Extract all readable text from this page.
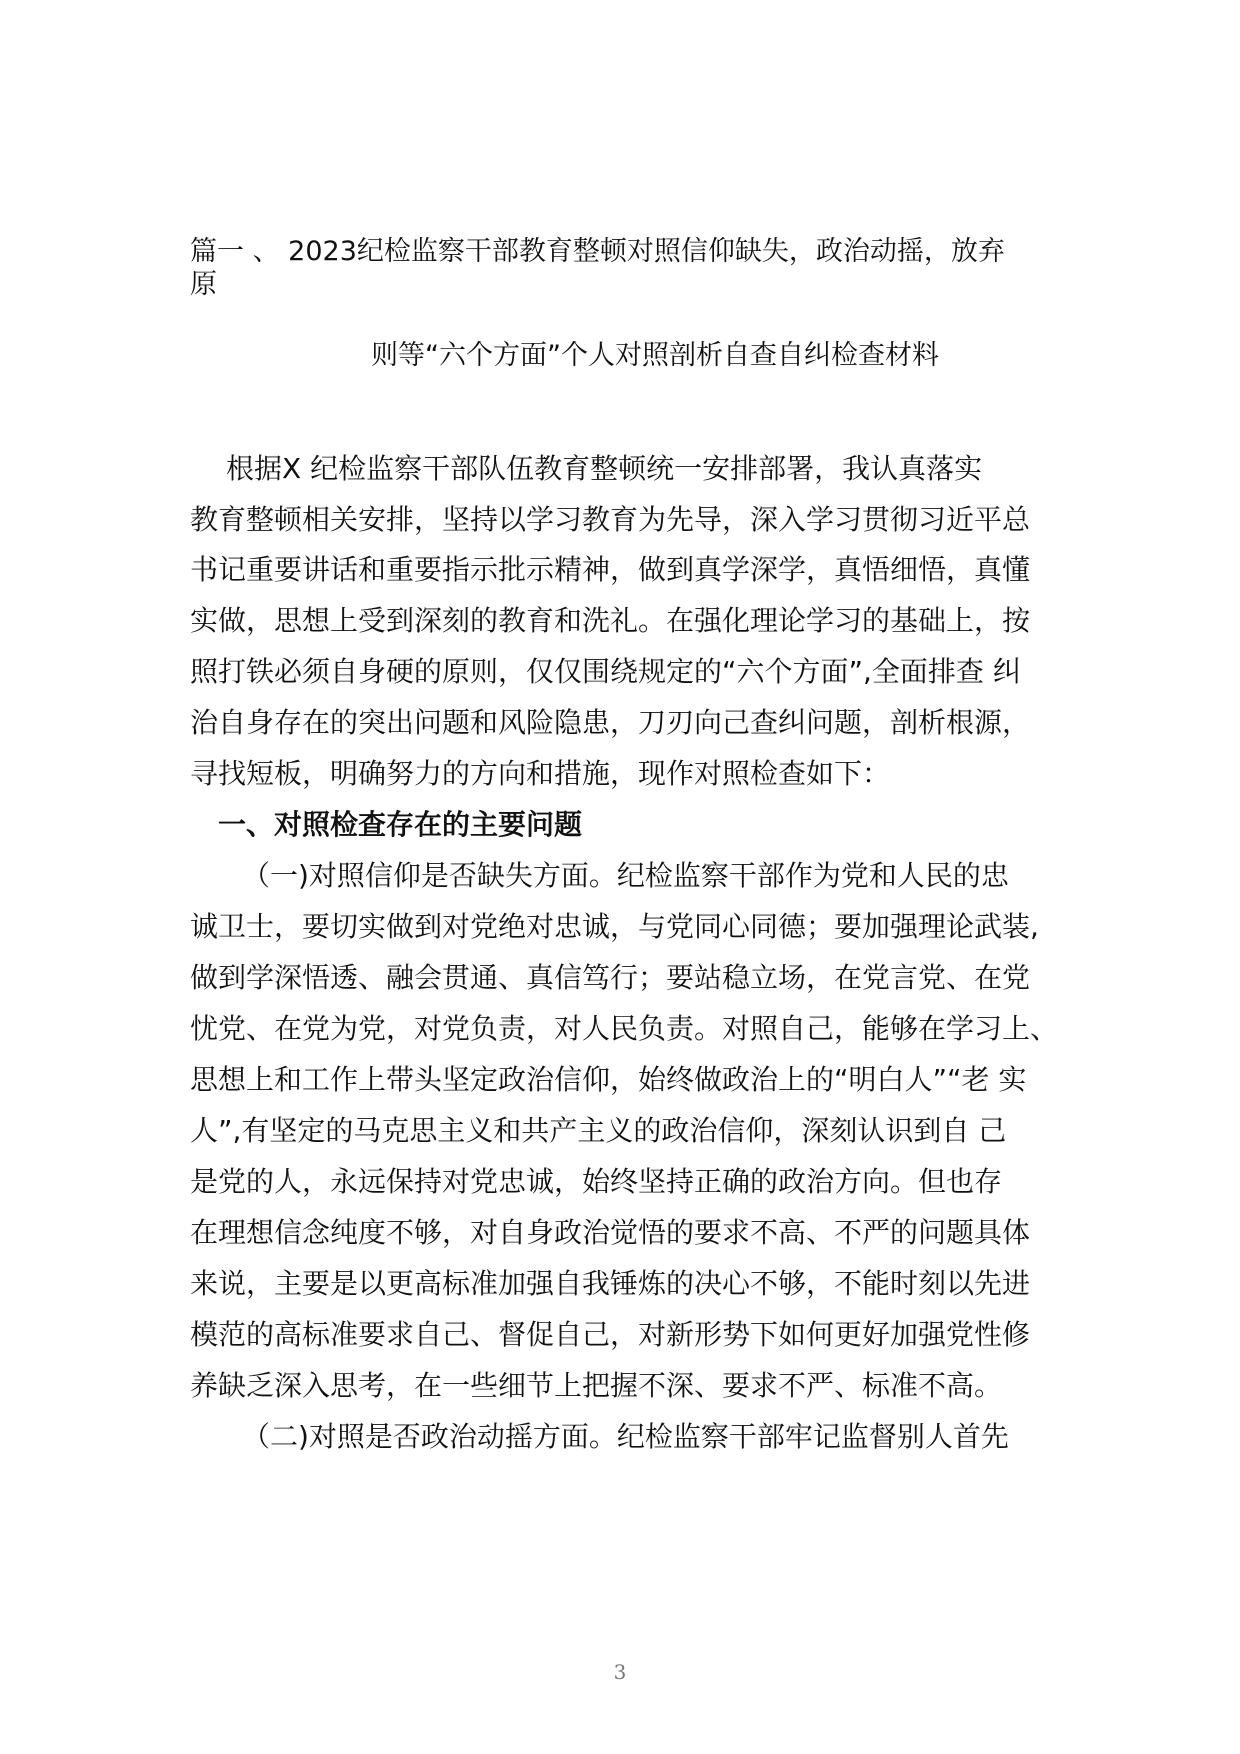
篇一 、 2023纪检监察干部教育整顿对照信仰缺失，政治动摇，放弃
原
则等“六个方面”个人对照剖析自查自纠检查材料
根据X 纪检监察干部队伍教育整顿统一安排部署，我认真落实
教育整顿相关安排，坚持以学习教育为先导，深入学习贯彻习近平总
书记重要讲话和重要指示批示精神，做到真学深学，真悟细悟，真懂
实做，思想上受到深刻的教育和洗礼。在强化理论学习的基础上，按
照打铁必须自身硬的原则，仅仅围绕规定的“六个方面”,全面排查 纠
治自身存在的突出问题和风险隐患，刀刃向己查纠问题，剖析根源，
寻找短板，明确努力的方向和措施，现作对照检查如下：
一、对照检查存在的主要问题
（一)对照信仰是否缺失方面。纪检监察干部作为党和人民的忠
诚卫士，要切实做到对党绝对忠诚，与党同心同德；要加强理论武装,
做到学深悟透、融会贯通、真信笃行；要站稳立场，在党言党、在党
忧党、在党为党，对党负责，对人民负责。对照自己，能够在学习上、
思想上和工作上带头坚定政治信仰，始终做政治上的“明白人”“老 实
人”,有坚定的马克思主义和共产主义的政治信仰，深刻认识到自 己
是党的人，永远保持对党忠诚，始终坚持正确的政治方向。但也存
在理想信念纯度不够，对自身政治觉悟的要求不高、不严的问题具体
来说，主要是以更高标准加强自我锤炼的决心不够，不能时刻以先进
模范的高标准要求自己、督促自己，对新形势下如何更好加强党性修
养缺乏深入思考，在一些细节上把握不深、要求不严、标准不高。
（二)对照是否政治动摇方面。纪检监察干部牢记监督别人首先
3
